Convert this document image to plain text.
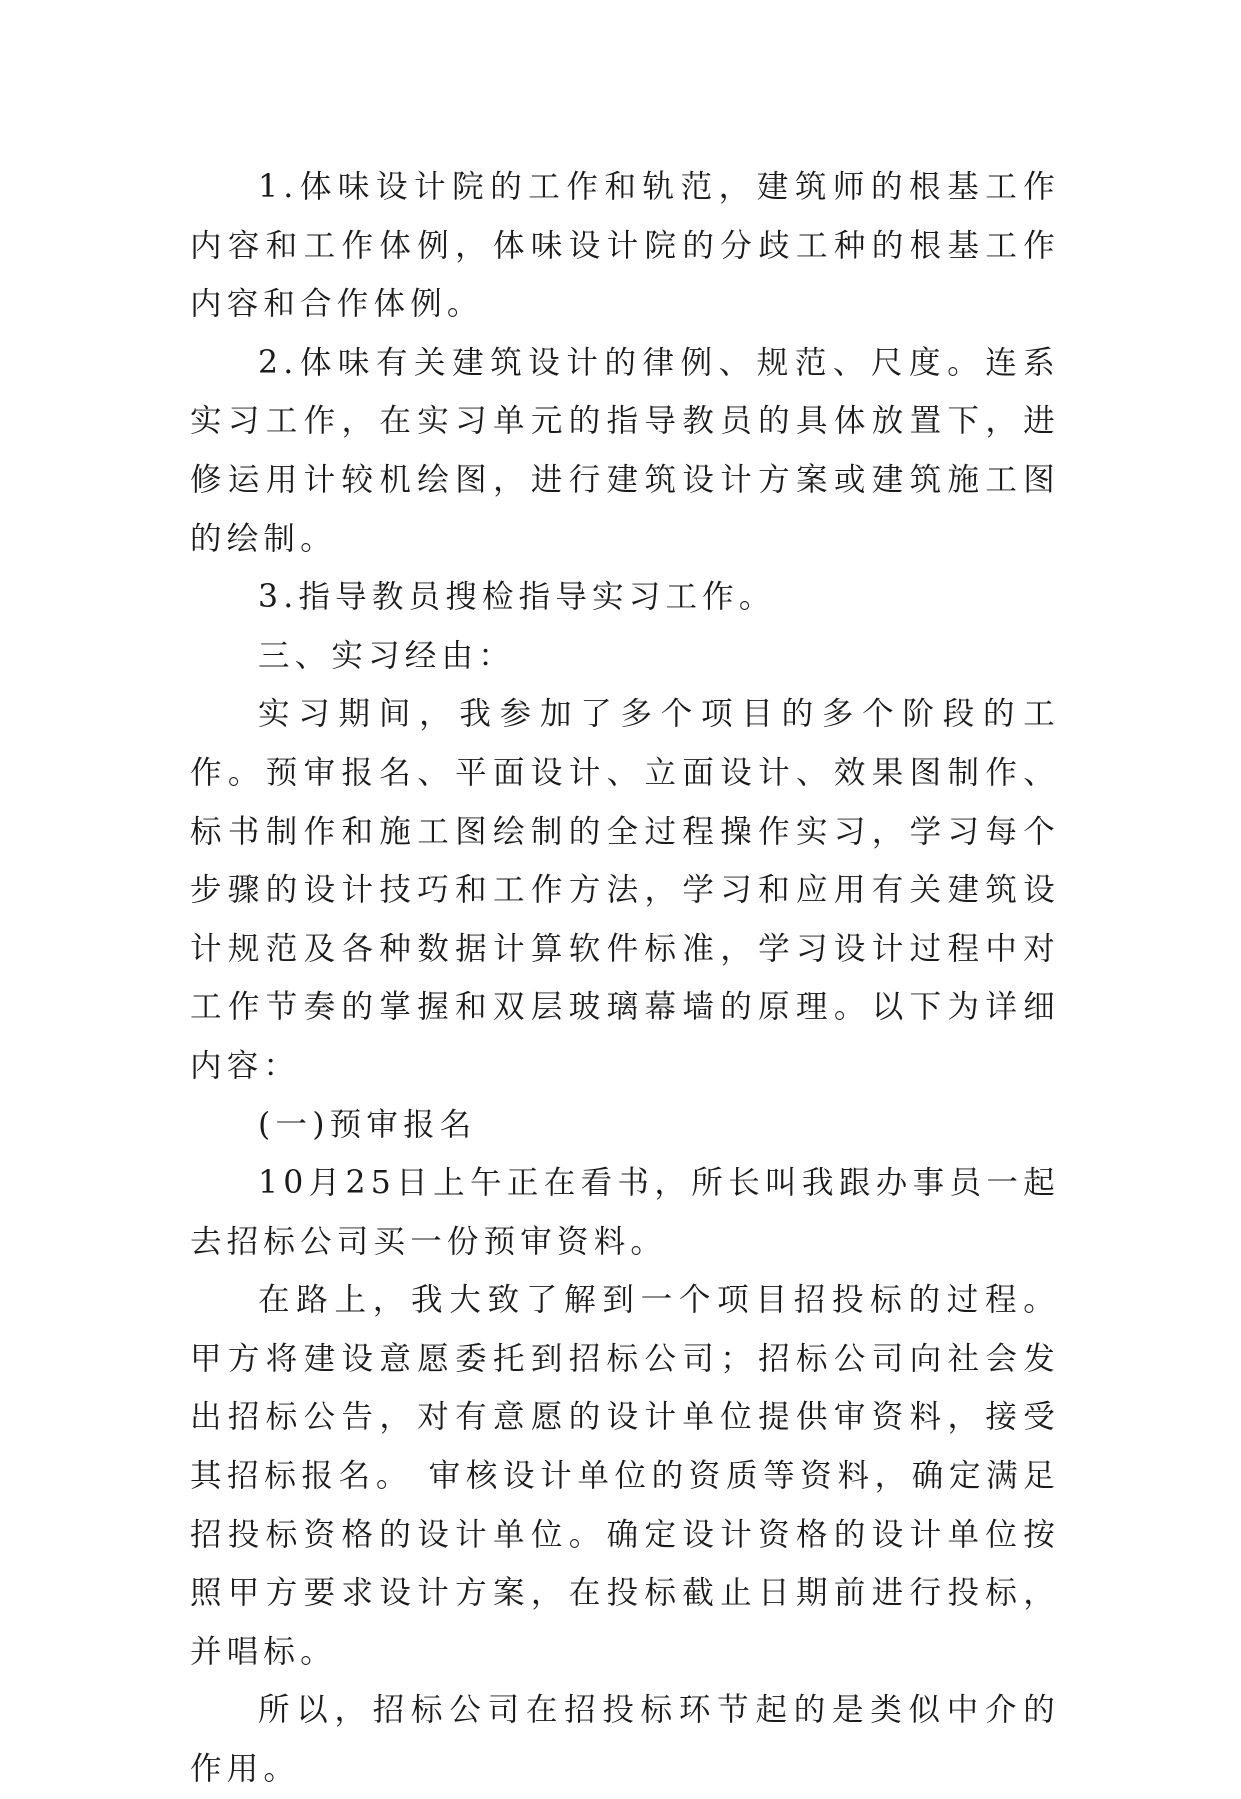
1.体味设计院的工作和轨范，建筑师的根基工作内容和工作体例，体味设计院的分歧工种的根基工作内容和合作体例。

2.体味有关建筑设计的律例、规范、尺度。连系实习工作，在实习单元的指导教员的具体放置下，进修运用计较机绘图，进行建筑设计方案或建筑施工图的绘制。

3.指导教员搜检指导实习工作。

三、实习经由：

实习期间，我参加了多个项目的多个阶段的工作。预审报名、平面设计、立面设计、效果图制作、标书制作和施工图绘制的全过程操作实习，学习每个步骤的设计技巧和工作方法，学习和应用有关建筑设计规范及各种数据计算软件标准，学习设计过程中对工作节奏的掌握和双层玻璃幕墙的原理。以下为详细内容：

(一)预审报名

10月25日上午正在看书，所长叫我跟办事员一起去招标公司买一份预审资料。

在路上，我大致了解到一个项目招投标的过程。 甲方将建设意愿委托到招标公司；招标公司向社会发出招标公告，对有意愿的设计单位提供审资料，接受其招标报名。 审核设计单位的资质等资料，确定满足招投标资格的设计单位。确定设计资格的设计单位按照甲方要求设计方案，在投标截止日期前进行投标，并唱标。

所以，招标公司在招投标环节起的是类似中介的作用。
